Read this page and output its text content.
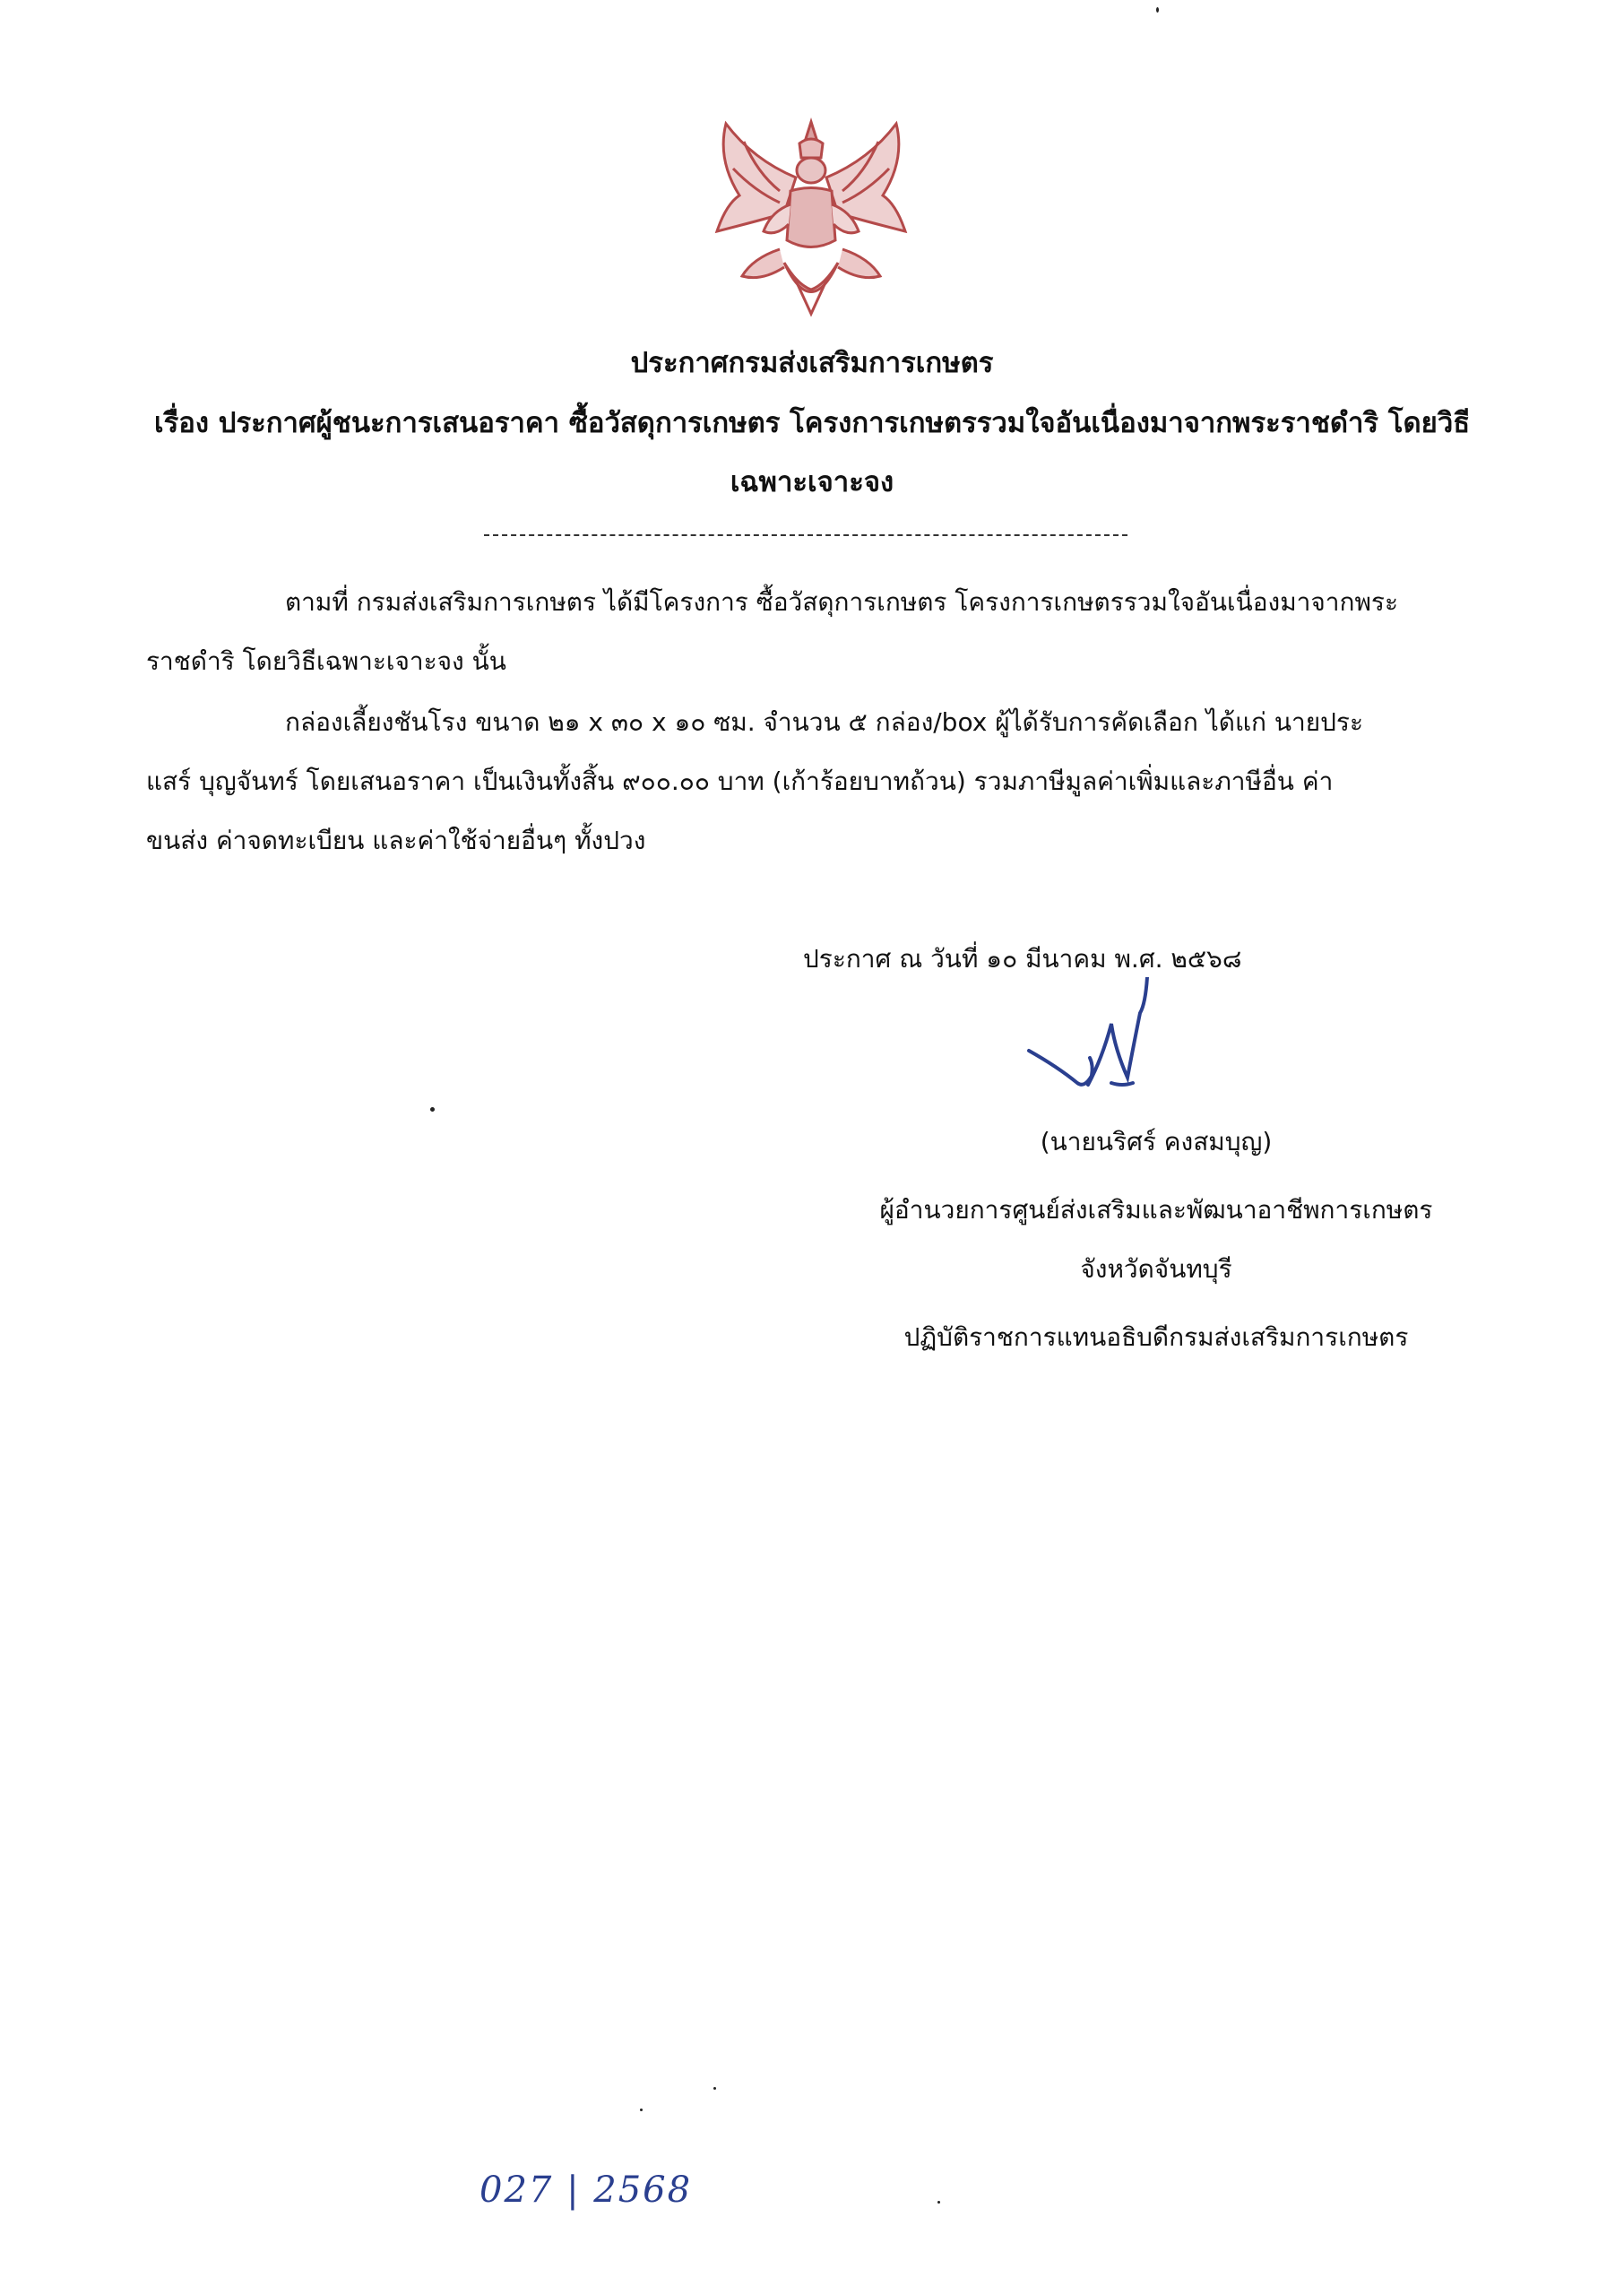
ประกาศกรมส่งเสริมการเกษตร
เรื่อง ประกาศผู้ชนะการเสนอราคา ซื้อวัสดุการเกษตร โครงการเกษตรรวมใจอันเนื่องมาจากพระราชดำริ โดยวิธี
เฉพาะเจาะจง
ตามที่ กรมส่งเสริมการเกษตร ได้มีโครงการ ซื้อวัสดุการเกษตร โครงการเกษตรรวมใจอันเนื่องมาจากพระ
ราชดำริ โดยวิธีเฉพาะเจาะจง นั้น
กล่องเลี้ยงชันโรง ขนาด ๒๑ x ๓๐ x ๑๐ ซม. จำนวน ๕ กล่อง/box ผู้ได้รับการคัดเลือก ได้แก่ นายประ
แสร์ บุญจันทร์ โดยเสนอราคา เป็นเงินทั้งสิ้น ๙๐๐.๐๐ บาท (เก้าร้อยบาทถ้วน) รวมภาษีมูลค่าเพิ่มและภาษีอื่น ค่า
ขนส่ง ค่าจดทะเบียน และค่าใช้จ่ายอื่นๆ ทั้งปวง
ประกาศ ณ วันที่ ๑๐ มีนาคม พ.ศ. ๒๕๖๘
(นายนริศร์ คงสมบุญ)
ผู้อำนวยการศูนย์ส่งเสริมและพัฒนาอาชีพการเกษตร
จังหวัดจันทบุรี
ปฏิบัติราชการแทนอธิบดีกรมส่งเสริมการเกษตร
027 | 2568
